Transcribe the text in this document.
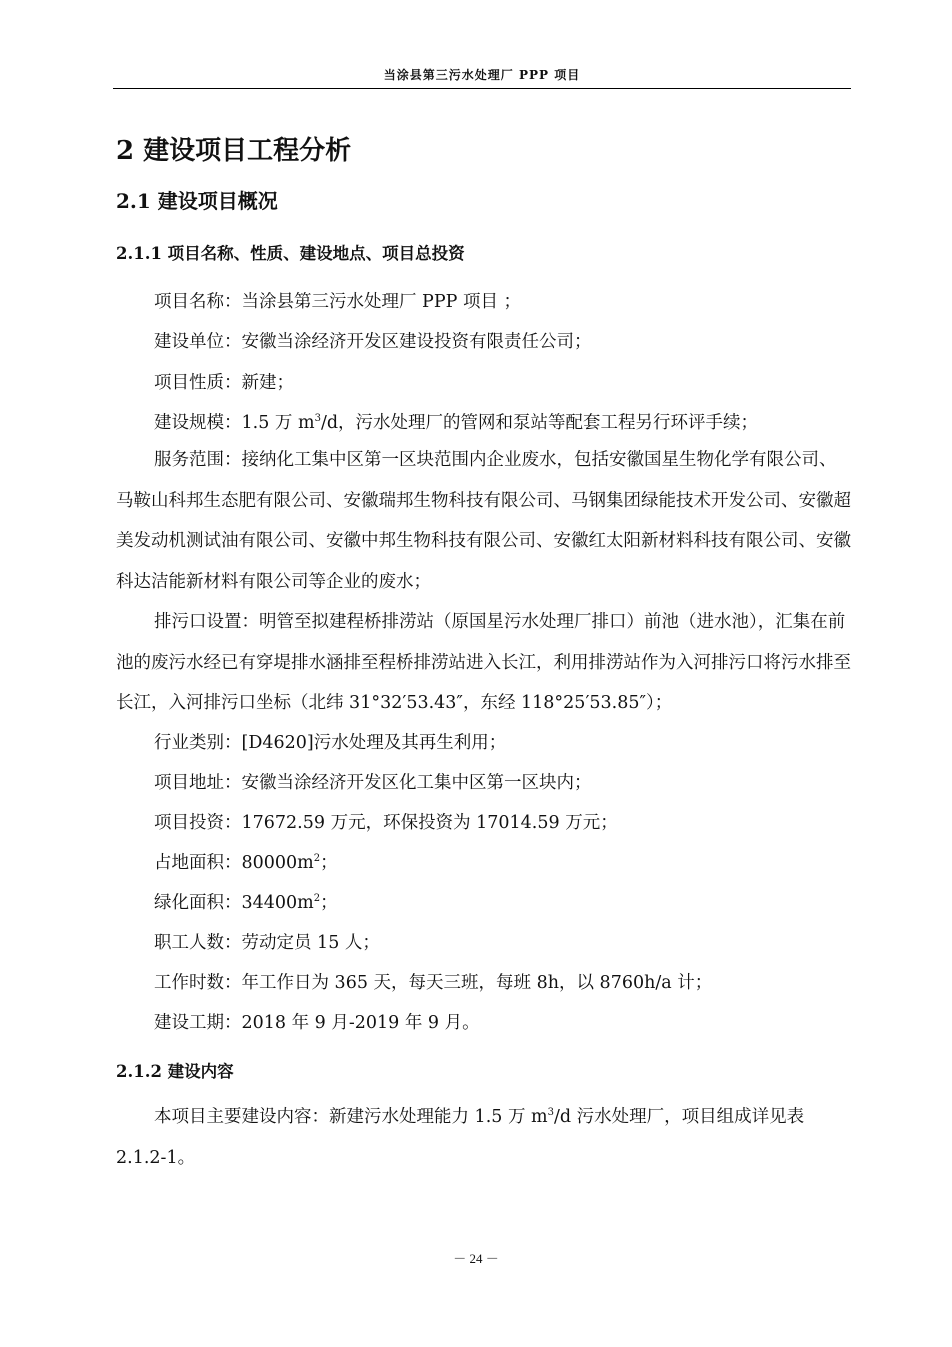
当涂县第三污水处理厂 PPP 项目
2 建设项目工程分析
2.1 建设项目概况
2.1.1 项目名称、性质、建设地点、项目总投资
项目名称：当涂县第三污水处理厂 PPP 项目 ；
建设单位：安徽当涂经济开发区建设投资有限责任公司；
项目性质：新建；
建设规模：1.5 万 $m^3/d$，污水处理厂的管网和泵站等配套工程另行环评手续；

服务范围：接纳化工集中区第一区块范围内企业废水，包括安徽国星生物化学有限公司、马鞍山科邦生态肥有限公司、安徽瑞邦生物科技有限公司、马钢集团绿能技术开发公司、安徽超美发动机测试油有限公司、安徽中邦生物科技有限公司、安徽红太阳新材料科技有限公司、安徽科达洁能新材料有限公司等企业的废水；

排污口设置：明管至拟建程桥排涝站（原国星污水处理厂排口）前池（进水池），汇集在前池的废污水经已有穿堤排水涵排至程桥排涝站进入长江，利用排涝站作为入河排污口将污水排至长江，入河排污口坐标（北纬 31°32′53.43″，东经 118°25′53.85″）；

行业类别：[D4620]污水处理及其再生利用；
项目地址：安徽当涂经济开发区化工集中区第一区块内；
项目投资：17672.59 万元，环保投资为 17014.59 万元；
占地面积：$80000m^2$；
绿化面积：$34400m^2$；
职工人数：劳动定员 15 人；
工作时数：年工作日为 365 天，每天三班，每班 8h，以 8760h/a 计；
建设工期：2018 年 9 月-2019 年 9 月。
2.1.2 建设内容

本项目主要建设内容：新建污水处理能力 1.5 万 $m^3/d$ 污水处理厂，项目组成详见表 2.1.2-1。

－ 24 －
